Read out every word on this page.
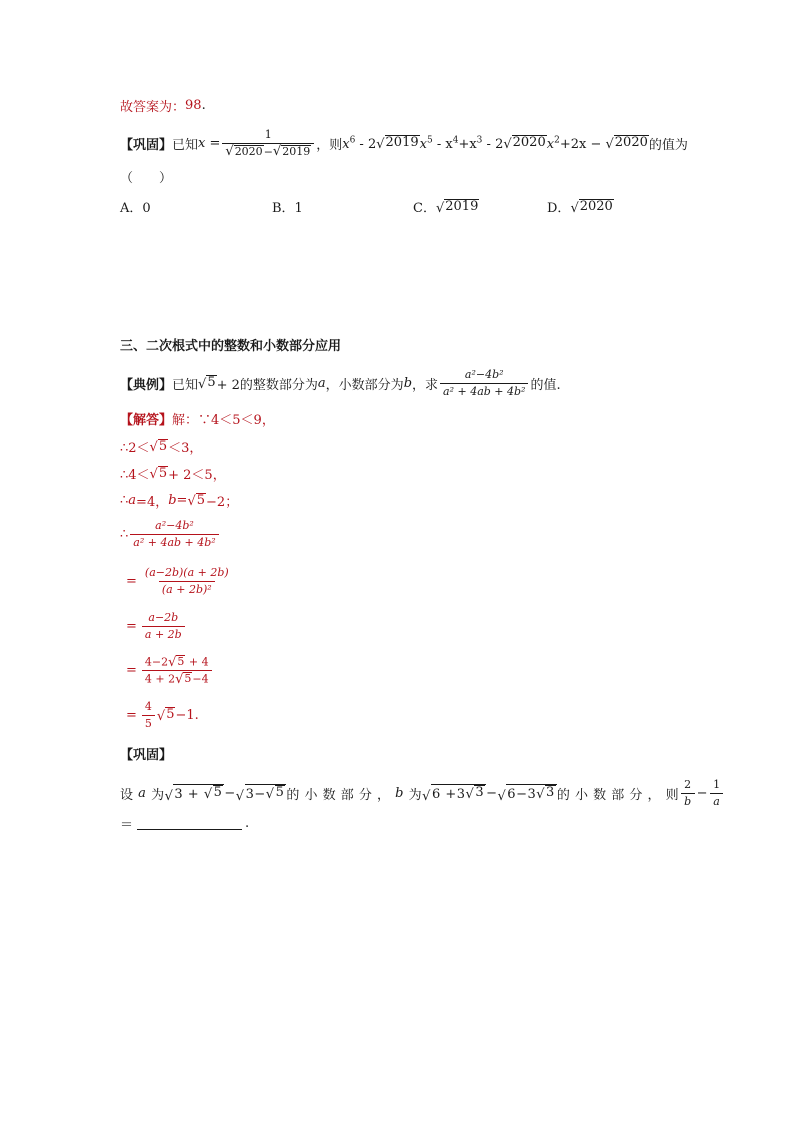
故答案为： 98 .
【巩固】 已知 $x = \frac{1}{√ 2020 - √ 2019}$ ，则 $x^6 - 2$ √ 2019 $x^5 - x^4+x^3 - 2$ √ 2020 $x^2+2x$ − √ 2020 的值为
（　　）
A．0	B．1	C． √ 2019	D． √ 2020
三、二次根式中的整数和小数部分应用
【典例】 已知 √ 5 + 2的整数部分为 a ，小数部分为 b ，求 $\frac{\text{a²−4b²}}{\text{a² + 4ab + 4b²}}$ 的值.
【解答】 解：∵4＜5＜9，
∴2＜ √ 5 ＜3，
∴4＜ √ 5 + 2＜5，
∴ a =4， b = √ 5 −2；
∴ $\frac{\text{a²−4b²}}{\text{a² + 4ab + 4b²}}$
= $\frac{(a-2b)(a + 2b)}{\text{(a + 2b)²}}$
= $\frac{a-2b}{a + 2b}$
= $\frac{4-2 √ 5 + 4}{4 + 2 √ 5 -4}$
= $\frac{4}{5}$ √ 5 −1.
【巩固】
设
a
为 √ 3 + √ 5 − √ 3− √ 5 的 小 数 部 分 ，
b
为 √ 6 +3 √ 3 − √ 6−3 √ 3 的 小 数 部 分 ， 则 $\frac{2}{b} - \frac{1}{a}$
＝	.
